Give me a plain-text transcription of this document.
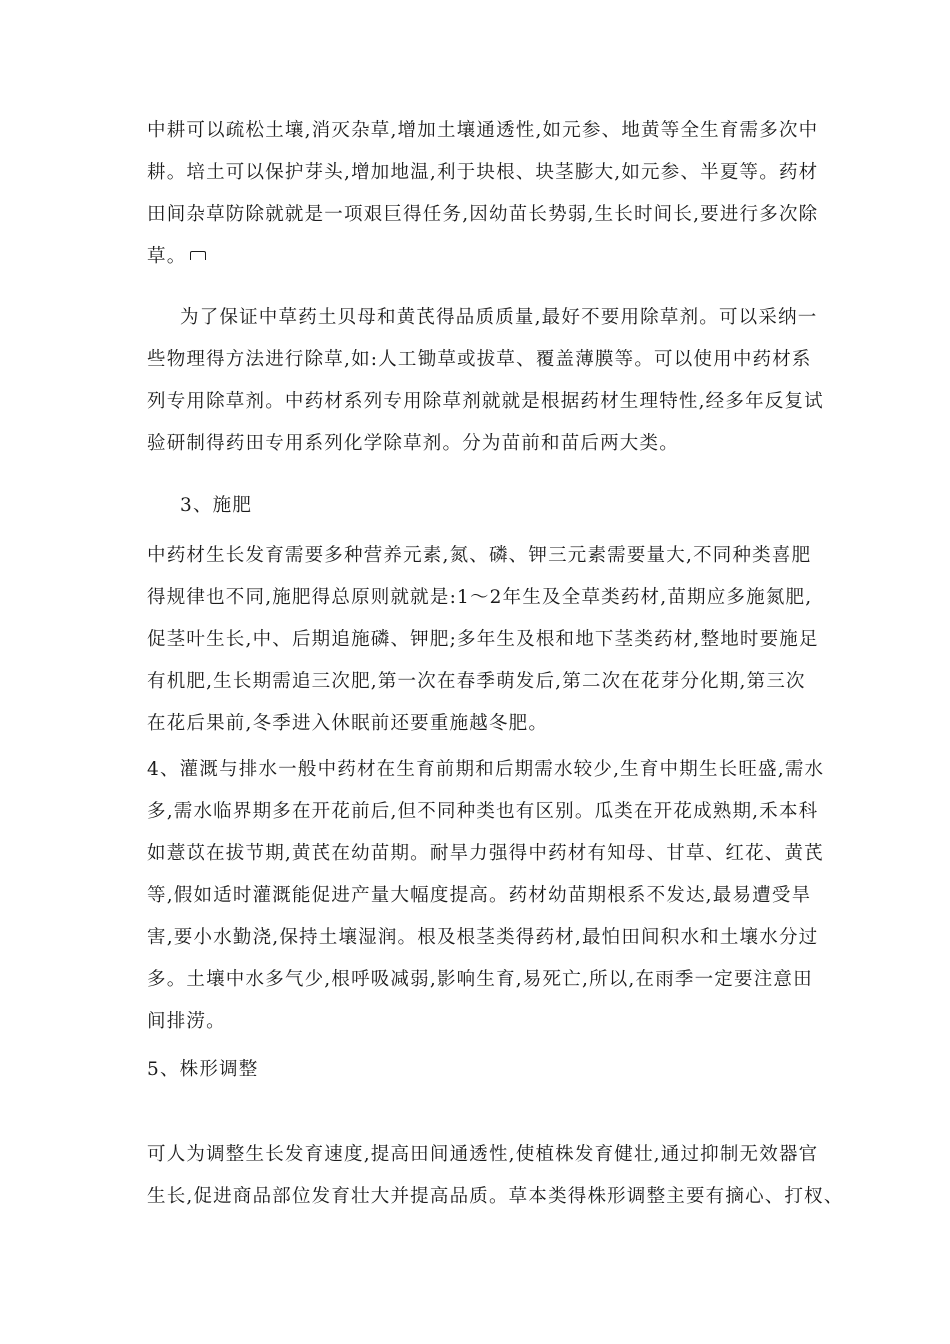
中耕可以疏松土壤,消灭杂草,增加土壤通透性,如元参、地黄等全生育需多次中
耕。培土可以保护芽头,增加地温,利于块根、块茎膨大,如元参、半夏等。药材
田间杂草防除就就是一项艰巨得任务,因幼苗长势弱,生长时间长,要进行多次除
草。
为了保证中草药土贝母和黄芪得品质质量,最好不要用除草剂。可以采纳一
些物理得方法进行除草,如:人工锄草或拔草、覆盖薄膜等。可以使用中药材系
列专用除草剂。中药材系列专用除草剂就就是根据药材生理特性,经多年反复试
验研制得药田专用系列化学除草剂。分为苗前和苗后两大类。
3、施肥
中药材生长发育需要多种营养元素,氮、磷、钾三元素需要量大,不同种类喜肥
得规律也不同,施肥得总原则就就是:1～2年生及全草类药材,苗期应多施氮肥,
促茎叶生长,中、后期追施磷、钾肥;多年生及根和地下茎类药材,整地时要施足
有机肥,生长期需追三次肥,第一次在春季萌发后,第二次在花芽分化期,第三次
在花后果前,冬季进入休眠前还要重施越冬肥。
4、灌溉与排水一般中药材在生育前期和后期需水较少,生育中期生长旺盛,需水
多,需水临界期多在开花前后,但不同种类也有区别。瓜类在开花成熟期,禾本科
如薏苡在拔节期,黄芪在幼苗期。耐旱力强得中药材有知母、甘草、红花、黄芪
等,假如适时灌溉能促进产量大幅度提高。药材幼苗期根系不发达,最易遭受旱
害,要小水勤浇,保持土壤湿润。根及根茎类得药材,最怕田间积水和土壤水分过
多。土壤中水多气少,根呼吸减弱,影响生育,易死亡,所以,在雨季一定要注意田
间排涝。
5、株形调整
可人为调整生长发育速度,提高田间通透性,使植株发育健壮,通过抑制无效器官
生长,促进商品部位发育壮大并提高品质。草本类得株形调整主要有摘心、打杈、
